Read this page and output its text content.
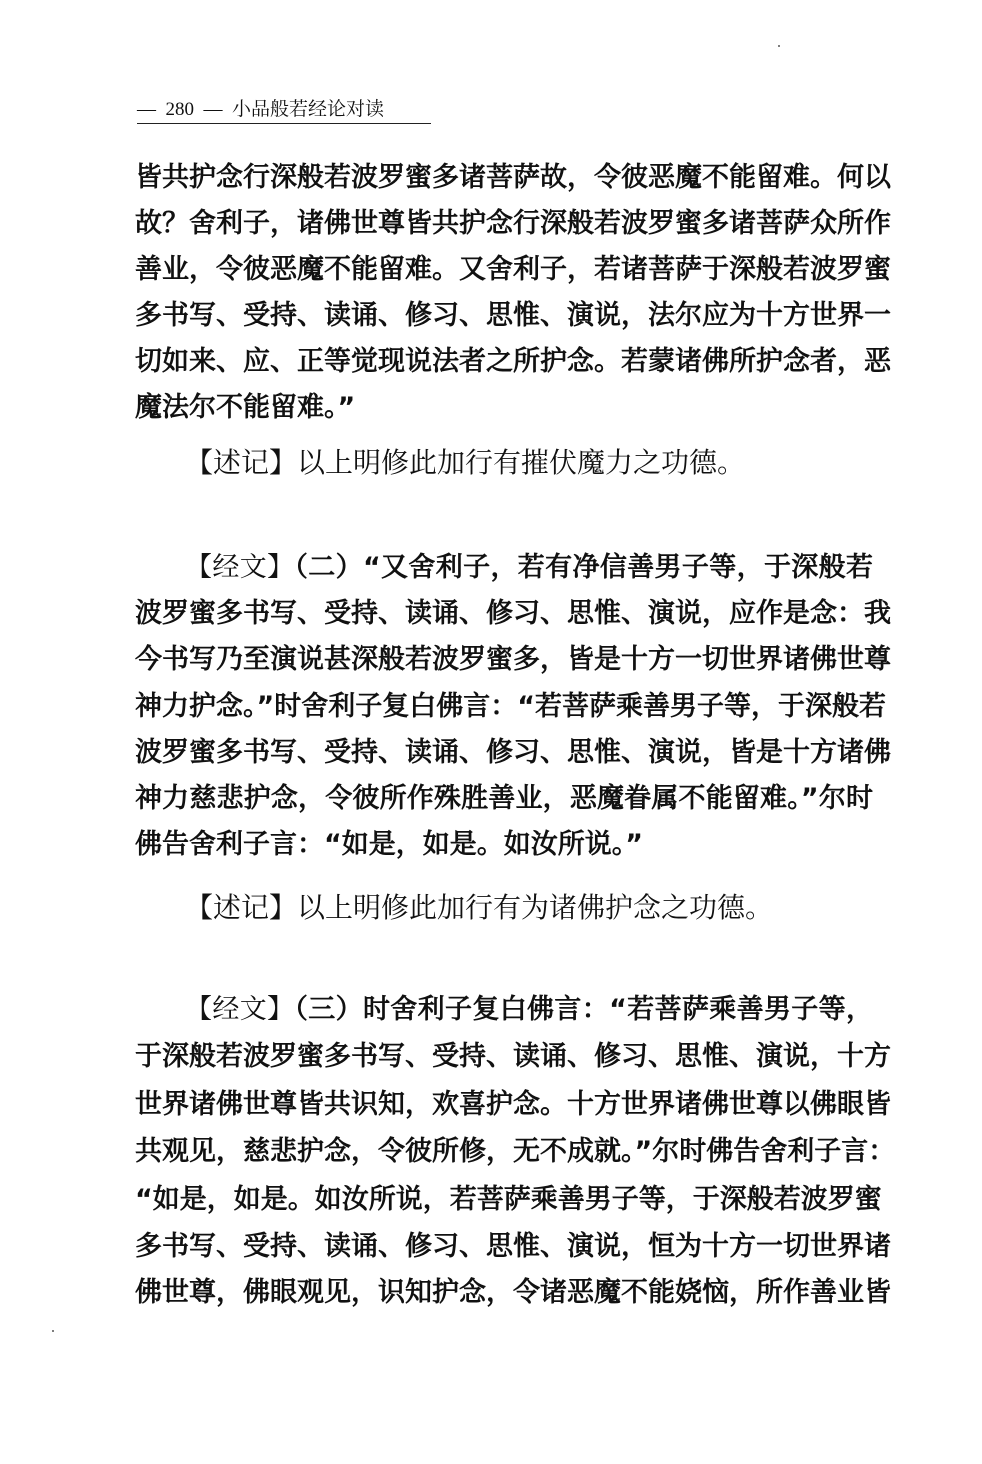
— 280 — 小品般若经论对读
皆共护念行深般若波罗蜜多诸菩萨故，令彼恶魔不能留难。何以
故？舍利子，诸佛世尊皆共护念行深般若波罗蜜多诸菩萨众所作
善业，令彼恶魔不能留难。又舍利子，若诸菩萨于深般若波罗蜜
多书写、受持、读诵、修习、思惟、演说，法尔应为十方世界一
切如来、应、正等觉现说法者之所护念。若蒙诸佛所护念者，恶
魔法尔不能留难。”
【述记】以上明修此加行有摧伏魔力之功德。
【经文】（二）“又舍利子，若有净信善男子等，于深般若
波罗蜜多书写、受持、读诵、修习、思惟、演说，应作是念：我
今书写乃至演说甚深般若波罗蜜多，皆是十方一切世界诸佛世尊
神力护念。”时舍利子复白佛言：“若菩萨乘善男子等，于深般若
波罗蜜多书写、受持、读诵、修习、思惟、演说，皆是十方诸佛
神力慈悲护念，令彼所作殊胜善业，恶魔眷属不能留难。”尔时
佛告舍利子言：“如是，如是。如汝所说。”
【述记】以上明修此加行有为诸佛护念之功德。
【经文】（三）时舍利子复白佛言：“若菩萨乘善男子等，
于深般若波罗蜜多书写、受持、读诵、修习、思惟、演说，十方
世界诸佛世尊皆共识知，欢喜护念。十方世界诸佛世尊以佛眼皆
共观见，慈悲护念，令彼所修，无不成就。”尔时佛告舍利子言：
“如是，如是。如汝所说，若菩萨乘善男子等，于深般若波罗蜜
多书写、受持、读诵、修习、思惟、演说，恒为十方一切世界诸
佛世尊，佛眼观见，识知护念，令诸恶魔不能娆恼，所作善业皆
